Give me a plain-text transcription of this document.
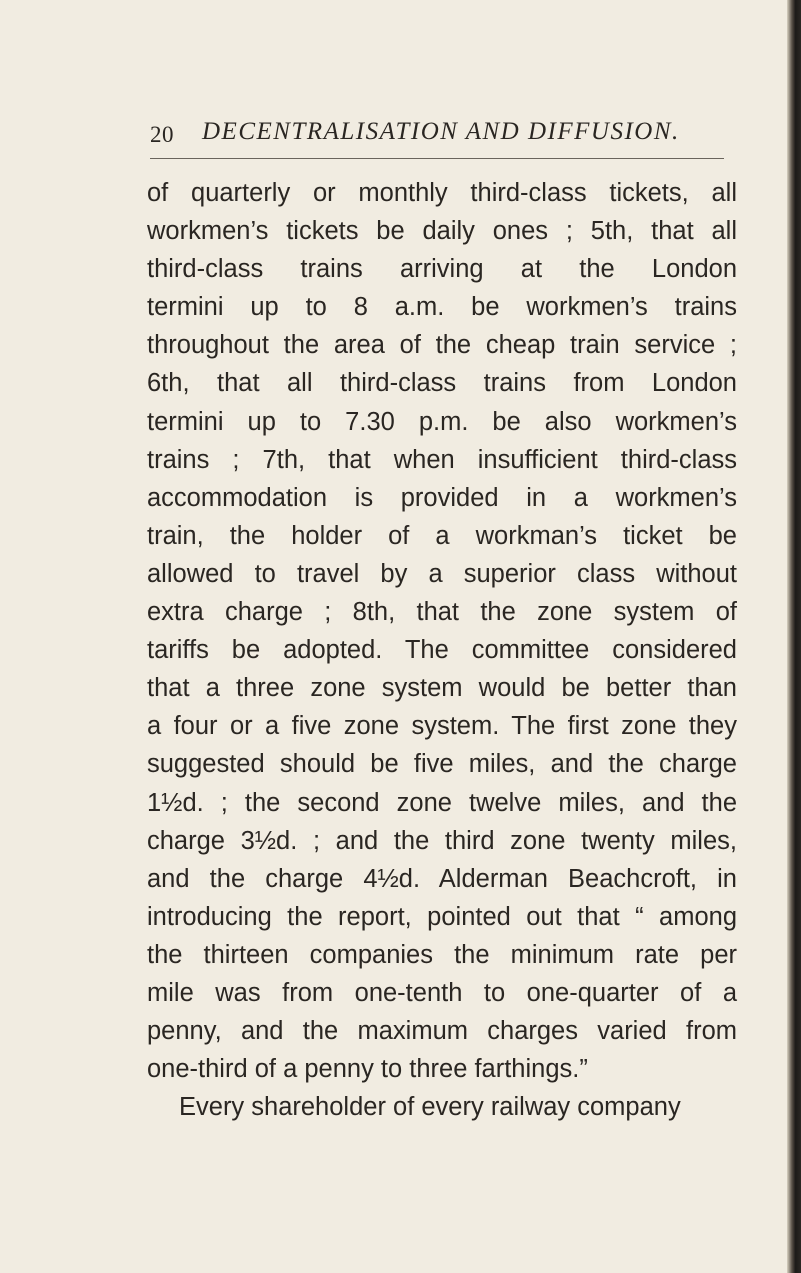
20 DECENTRALISATION AND DIFFUSION.
of quarterly or monthly third-class tickets, all
workmen’s tickets be daily ones ; 5th, that all
third-class trains arriving at the London
termini up to 8 a.m. be workmen’s trains
throughout the area of the cheap train service ;
6th, that all third-class trains from London
termini up to 7.30 p.m. be also workmen’s
trains ; 7th, that when insufficient third-class
accommodation is provided in a workmen’s
train, the holder of a workman’s ticket be
allowed to travel by a superior class without
extra charge ; 8th, that the zone system of
tariffs be adopted. The committee considered
that a three zone system would be better than
a four or a five zone system. The first zone they
suggested should be five miles, and the charge
1½d. ; the second zone twelve miles, and the
charge 3½d. ; and the third zone twenty miles,
and the charge 4½d. Alderman Beachcroft, in
introducing the report, pointed out that “ among
the thirteen companies the minimum rate per
mile was from one-tenth to one-quarter of a
penny, and the maximum charges varied from
one-third of a penny to three farthings.”
Every shareholder of every railway company
